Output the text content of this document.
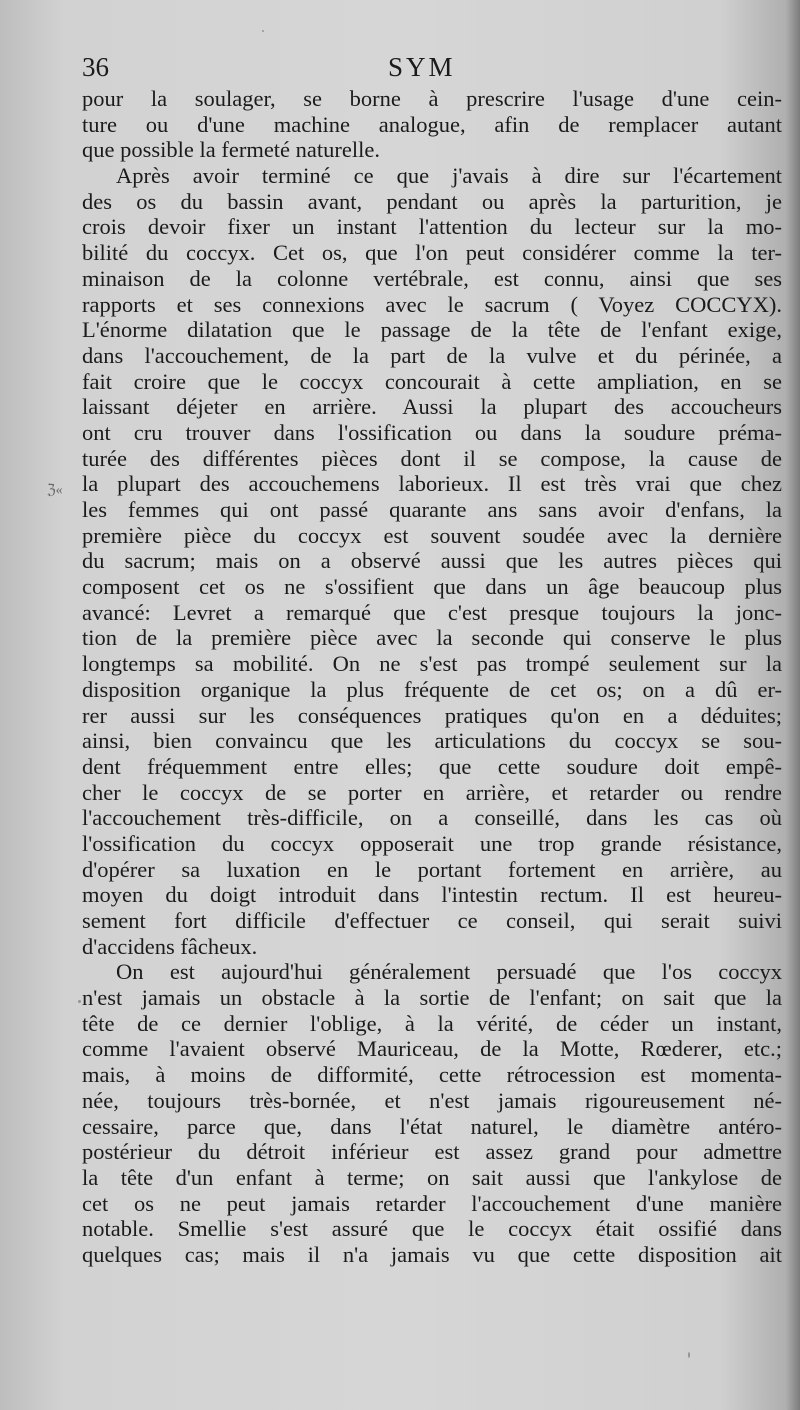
36	SYM
ℨ«
pour la soulager, se borne à prescrire l'usage d'une cein-
ture ou d'une machine analogue, afin de remplacer autant
que possible la fermeté naturelle.
Après avoir terminé ce que j'avais à dire sur l'écartement
des os du bassin avant, pendant ou après la parturition, je
crois devoir fixer un instant l'attention du lecteur sur la mo-
bilité du coccyx. Cet os, que l'on peut considérer comme la ter-
minaison de la colonne vertébrale, est connu, ainsi que ses
rapports et ses connexions avec le sacrum ( Voyez COCCYX).
L'énorme dilatation que le passage de la tête de l'enfant exige,
dans l'accouchement, de la part de la vulve et du périnée, a
fait croire que le coccyx concourait à cette ampliation, en se
laissant déjeter en arrière. Aussi la plupart des accoucheurs
ont cru trouver dans l'ossification ou dans la soudure préma-
turée des différentes pièces dont il se compose, la cause de
la plupart des accouchemens laborieux. Il est très vrai que chez
les femmes qui ont passé quarante ans sans avoir d'enfans, la
première pièce du coccyx est souvent soudée avec la dernière
du sacrum; mais on a observé aussi que les autres pièces qui
composent cet os ne s'ossifient que dans un âge beaucoup plus
avancé: Levret a remarqué que c'est presque toujours la jonc-
tion de la première pièce avec la seconde qui conserve le plus
longtemps sa mobilité. On ne s'est pas trompé seulement sur la
disposition organique la plus fréquente de cet os; on a dû er-
rer aussi sur les conséquences pratiques qu'on en a déduites;
ainsi, bien convaincu que les articulations du coccyx se sou-
dent fréquemment entre elles; que cette soudure doit empê-
cher le coccyx de se porter en arrière, et retarder ou rendre
l'accouchement très-difficile, on a conseillé, dans les cas où
l'ossification du coccyx opposerait une trop grande résistance,
d'opérer sa luxation en le portant fortement en arrière, au
moyen du doigt introduit dans l'intestin rectum. Il est heureu-
sement fort difficile d'effectuer ce conseil, qui serait suivi
d'accidens fâcheux.
On est aujourd'hui généralement persuadé que l'os coccyx
n'est jamais un obstacle à la sortie de l'enfant; on sait que la
tête de ce dernier l'oblige, à la vérité, de céder un instant,
comme l'avaient observé Mauriceau, de la Motte, Rœderer, etc.;
mais, à moins de difformité, cette rétrocession est momenta-
née, toujours très-bornée, et n'est jamais rigoureusement né-
cessaire, parce que, dans l'état naturel, le diamètre antéro-
postérieur du détroit inférieur est assez grand pour admettre
la tête d'un enfant à terme; on sait aussi que l'ankylose de
cet os ne peut jamais retarder l'accouchement d'une manière
notable. Smellie s'est assuré que le coccyx était ossifié dans
quelques cas; mais il n'a jamais vu que cette disposition ait
